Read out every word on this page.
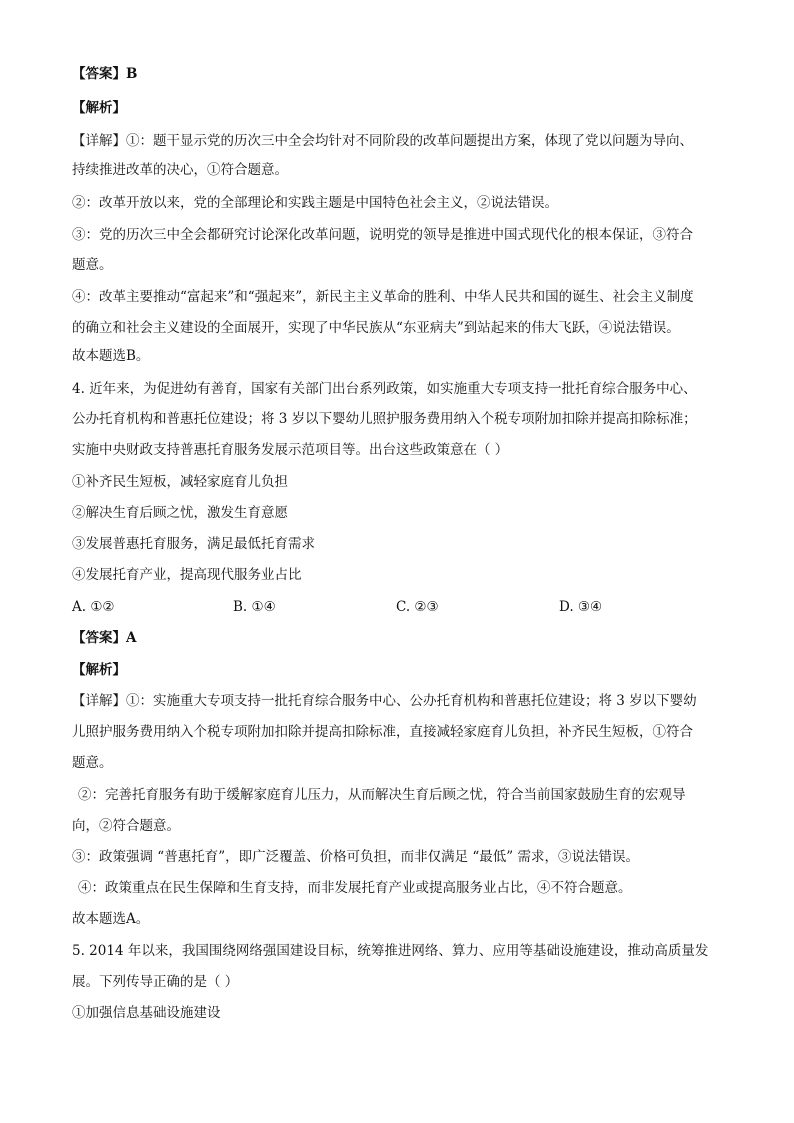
【答案】B
【解析】
【详解】①：题干显示党的历次三中全会均针对不同阶段的改革问题提出方案，体现了党以问题为导向、
持续推进改革的决心，①符合题意。
②：改革开放以来，党的全部理论和实践主题是中国特色社会主义，②说法错误。
③：党的历次三中全会都研究讨论深化改革问题，说明党的领导是推进中国式现代化的根本保证，③符合
题意。
④：改革主要推动“富起来”和“强起来”，新民主主义革命的胜利、中华人民共和国的诞生、社会主义制度
的确立和社会主义建设的全面展开，实现了中华民族从“东亚病夫”到站起来的伟大飞跃，④说法错误。
故本题选B。
4. 近年来，为促进幼有善育，国家有关部门出台系列政策，如实施重大专项支持一批托育综合服务中心、
公办托育机构和普惠托位建设；将 3 岁以下婴幼儿照护服务费用纳入个税专项附加扣除并提高扣除标准；
实施中央财政支持普惠托育服务发展示范项目等。出台这些政策意在（ ）
①补齐民生短板，减轻家庭育儿负担
②解决生育后顾之忧，激发生育意愿
③发展普惠托育服务，满足最低托育需求
④发展托育产业，提高现代服务业占比
A. ①②	B. ①④	C. ②③	D. ③④
【答案】A
【解析】
【详解】①：实施重大专项支持一批托育综合服务中心、公办托育机构和普惠托位建设；将 3 岁以下婴幼
儿照护服务费用纳入个税专项附加扣除并提高扣除标准，直接减轻家庭育儿负担，补齐民生短板，①符合
题意。
②：完善托育服务有助于缓解家庭育儿压力，从而解决生育后顾之忧，符合当前国家鼓励生育的宏观导
向，②符合题意。
③：政策强调 “普惠托育”，即广泛覆盖、价格可负担，而非仅满足 “最低” 需求，③说法错误。
④：政策重点在民生保障和生育支持，而非发展托育产业或提高服务业占比，④不符合题意。
故本题选A。
5. 2014 年以来，我国围绕网络强国建设目标，统筹推进网络、算力、应用等基础设施建设，推动高质量发
展。下列传导正确的是（ ）
①加强信息基础设施建设
